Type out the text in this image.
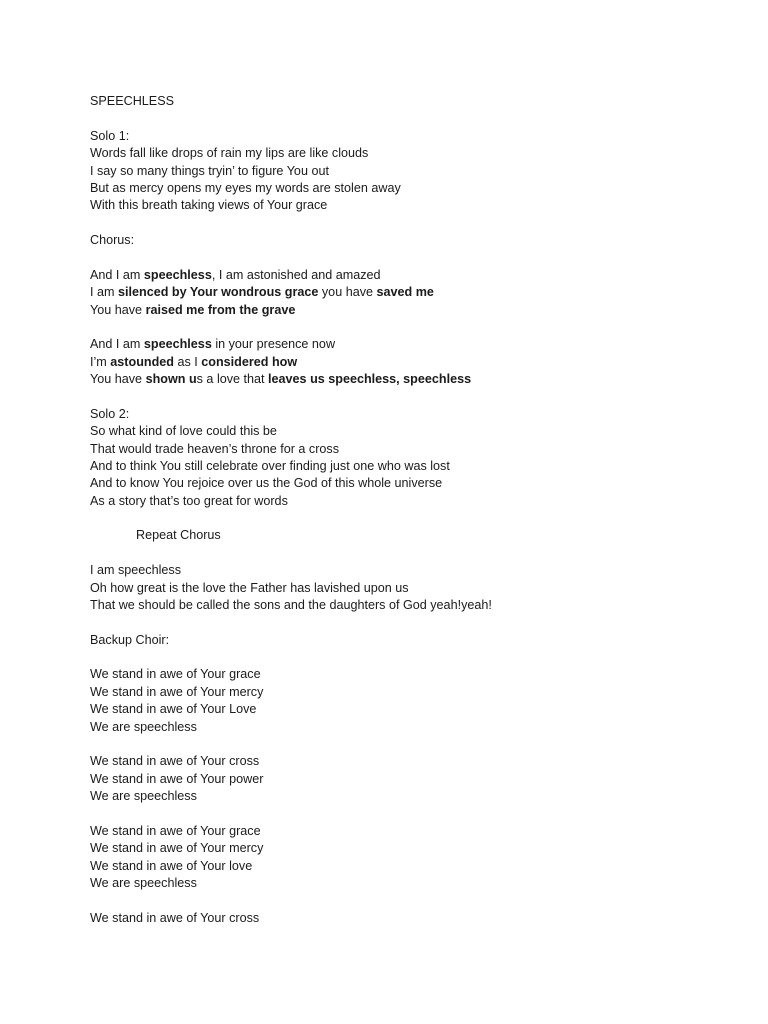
SPEECHLESS
Solo 1:
Words fall like drops of rain my lips are like clouds
I say so many things tryin’ to figure You out
But as mercy opens my eyes my words are stolen away
With this breath taking views of Your grace
Chorus:
And I am speechless, I am astonished and amazed
I am silenced by Your wondrous grace you have saved me
You have raised me from the grave
And I am speechless in your presence now
I’m astounded as I considered how
You have shown us a love that leaves us speechless, speechless
Solo 2:
So what kind of love could this be
That would trade heaven’s throne for a cross
And to think You still celebrate over finding just one who was lost
And to know You rejoice over us the God of this whole universe
As a story that’s too great for words
Repeat Chorus
I am speechless
Oh how great is the love the Father has lavished upon us
That we should be called the sons and the daughters of God yeah!yeah!
Backup Choir:
We stand in awe of Your grace
We stand in awe of Your mercy
We stand in awe of Your Love
We are speechless
We stand in awe of Your cross
We stand in awe of Your power
We are speechless
We stand in awe of Your grace
We stand in awe of Your mercy
We stand in awe of Your love
We are speechless
We stand in awe of Your cross
